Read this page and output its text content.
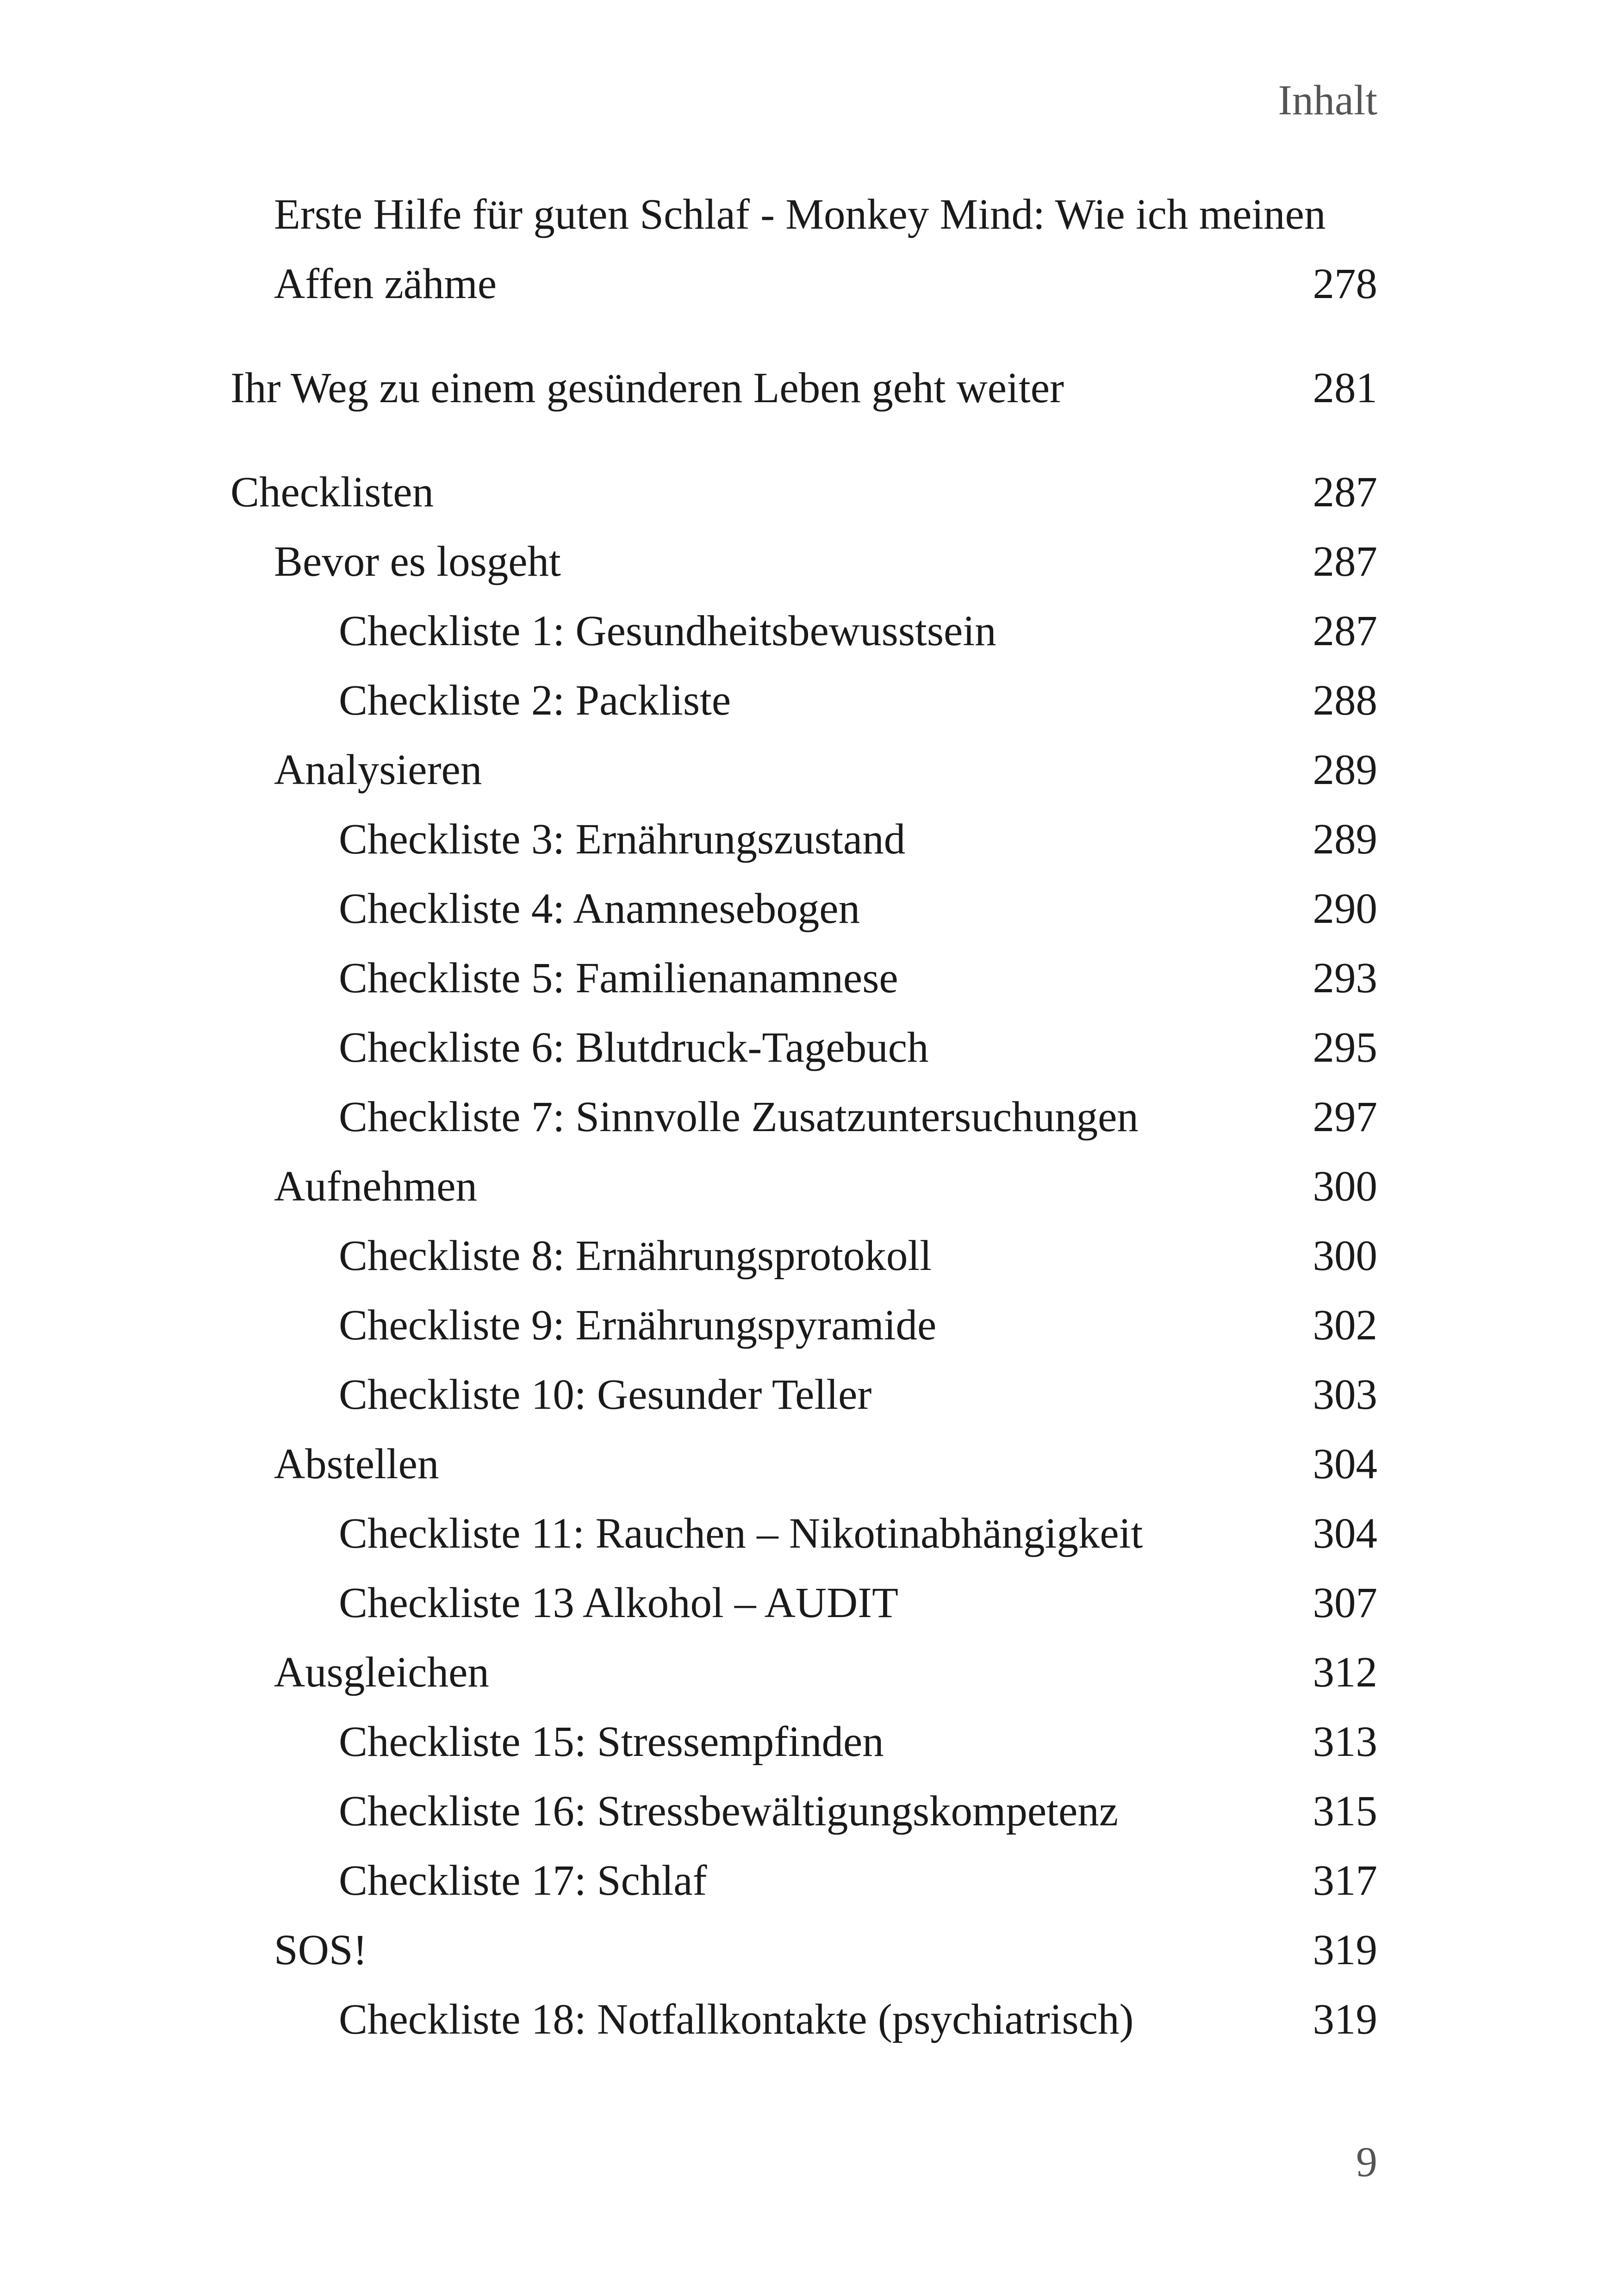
Inhalt
Erste Hilfe für guten Schlaf - Monkey Mind: Wie ich meinen
Affen zähme	278
Ihr Weg zu einem gesünderen Leben geht weiter	281
Checklisten	287
Bevor es losgeht	287
Checkliste 1: Gesundheitsbewusstsein	287
Checkliste 2: Packliste	288
Analysieren	289
Checkliste 3: Ernährungszustand	289
Checkliste 4: Anamnesebogen	290
Checkliste 5: Familienanamnese	293
Checkliste 6: Blutdruck-Tagebuch	295
Checkliste 7: Sinnvolle Zusatzuntersuchungen	297
Aufnehmen	300
Checkliste 8: Ernährungsprotokoll	300
Checkliste 9: Ernährungspyramide	302
Checkliste 10: Gesunder Teller	303
Abstellen	304
Checkliste 11: Rauchen – Nikotinabhängigkeit	304
Checkliste 13 Alkohol – AUDIT	307
Ausgleichen	312
Checkliste 15: Stressempfinden	313
Checkliste 16: Stressbewältigungskompetenz	315
Checkliste 17: Schlaf	317
SOS!	319
Checkliste 18: Notfallkontakte (psychiatrisch)	319
9
